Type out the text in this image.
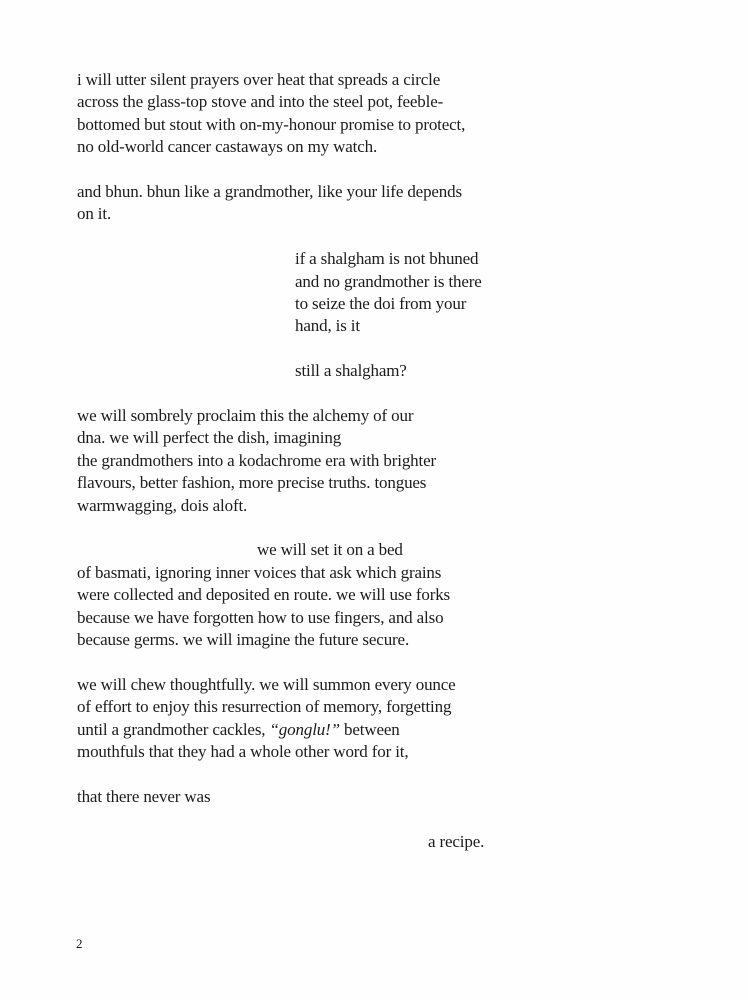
i will utter silent prayers over heat that spreads a circle
across the glass-top stove and into the steel pot, feeble-
bottomed but stout with on-my-honour promise to protect,
no old-world cancer castaways on my watch.
and bhun. bhun like a grandmother, like your life depends
on it.
if a shalgham is not bhuned
and no grandmother is there
to seize the doi from your
hand, is it
still a shalgham?
we will sombrely proclaim this the alchemy of our
dna. we will perfect the dish, imagining
the grandmothers into a kodachrome era with brighter
flavours, better fashion, more precise truths. tongues
warmwagging, dois aloft.
we will set it on a bed
of basmati, ignoring inner voices that ask which grains
were collected and deposited en route. we will use forks
because we have forgotten how to use fingers, and also
because germs. we will imagine the future secure.
we will chew thoughtfully. we will summon every ounce
of effort to enjoy this resurrection of memory, forgetting
until a grandmother cackles, “gonglu!” between
mouthfuls that they had a whole other word for it,
that there never was
a recipe.
2
